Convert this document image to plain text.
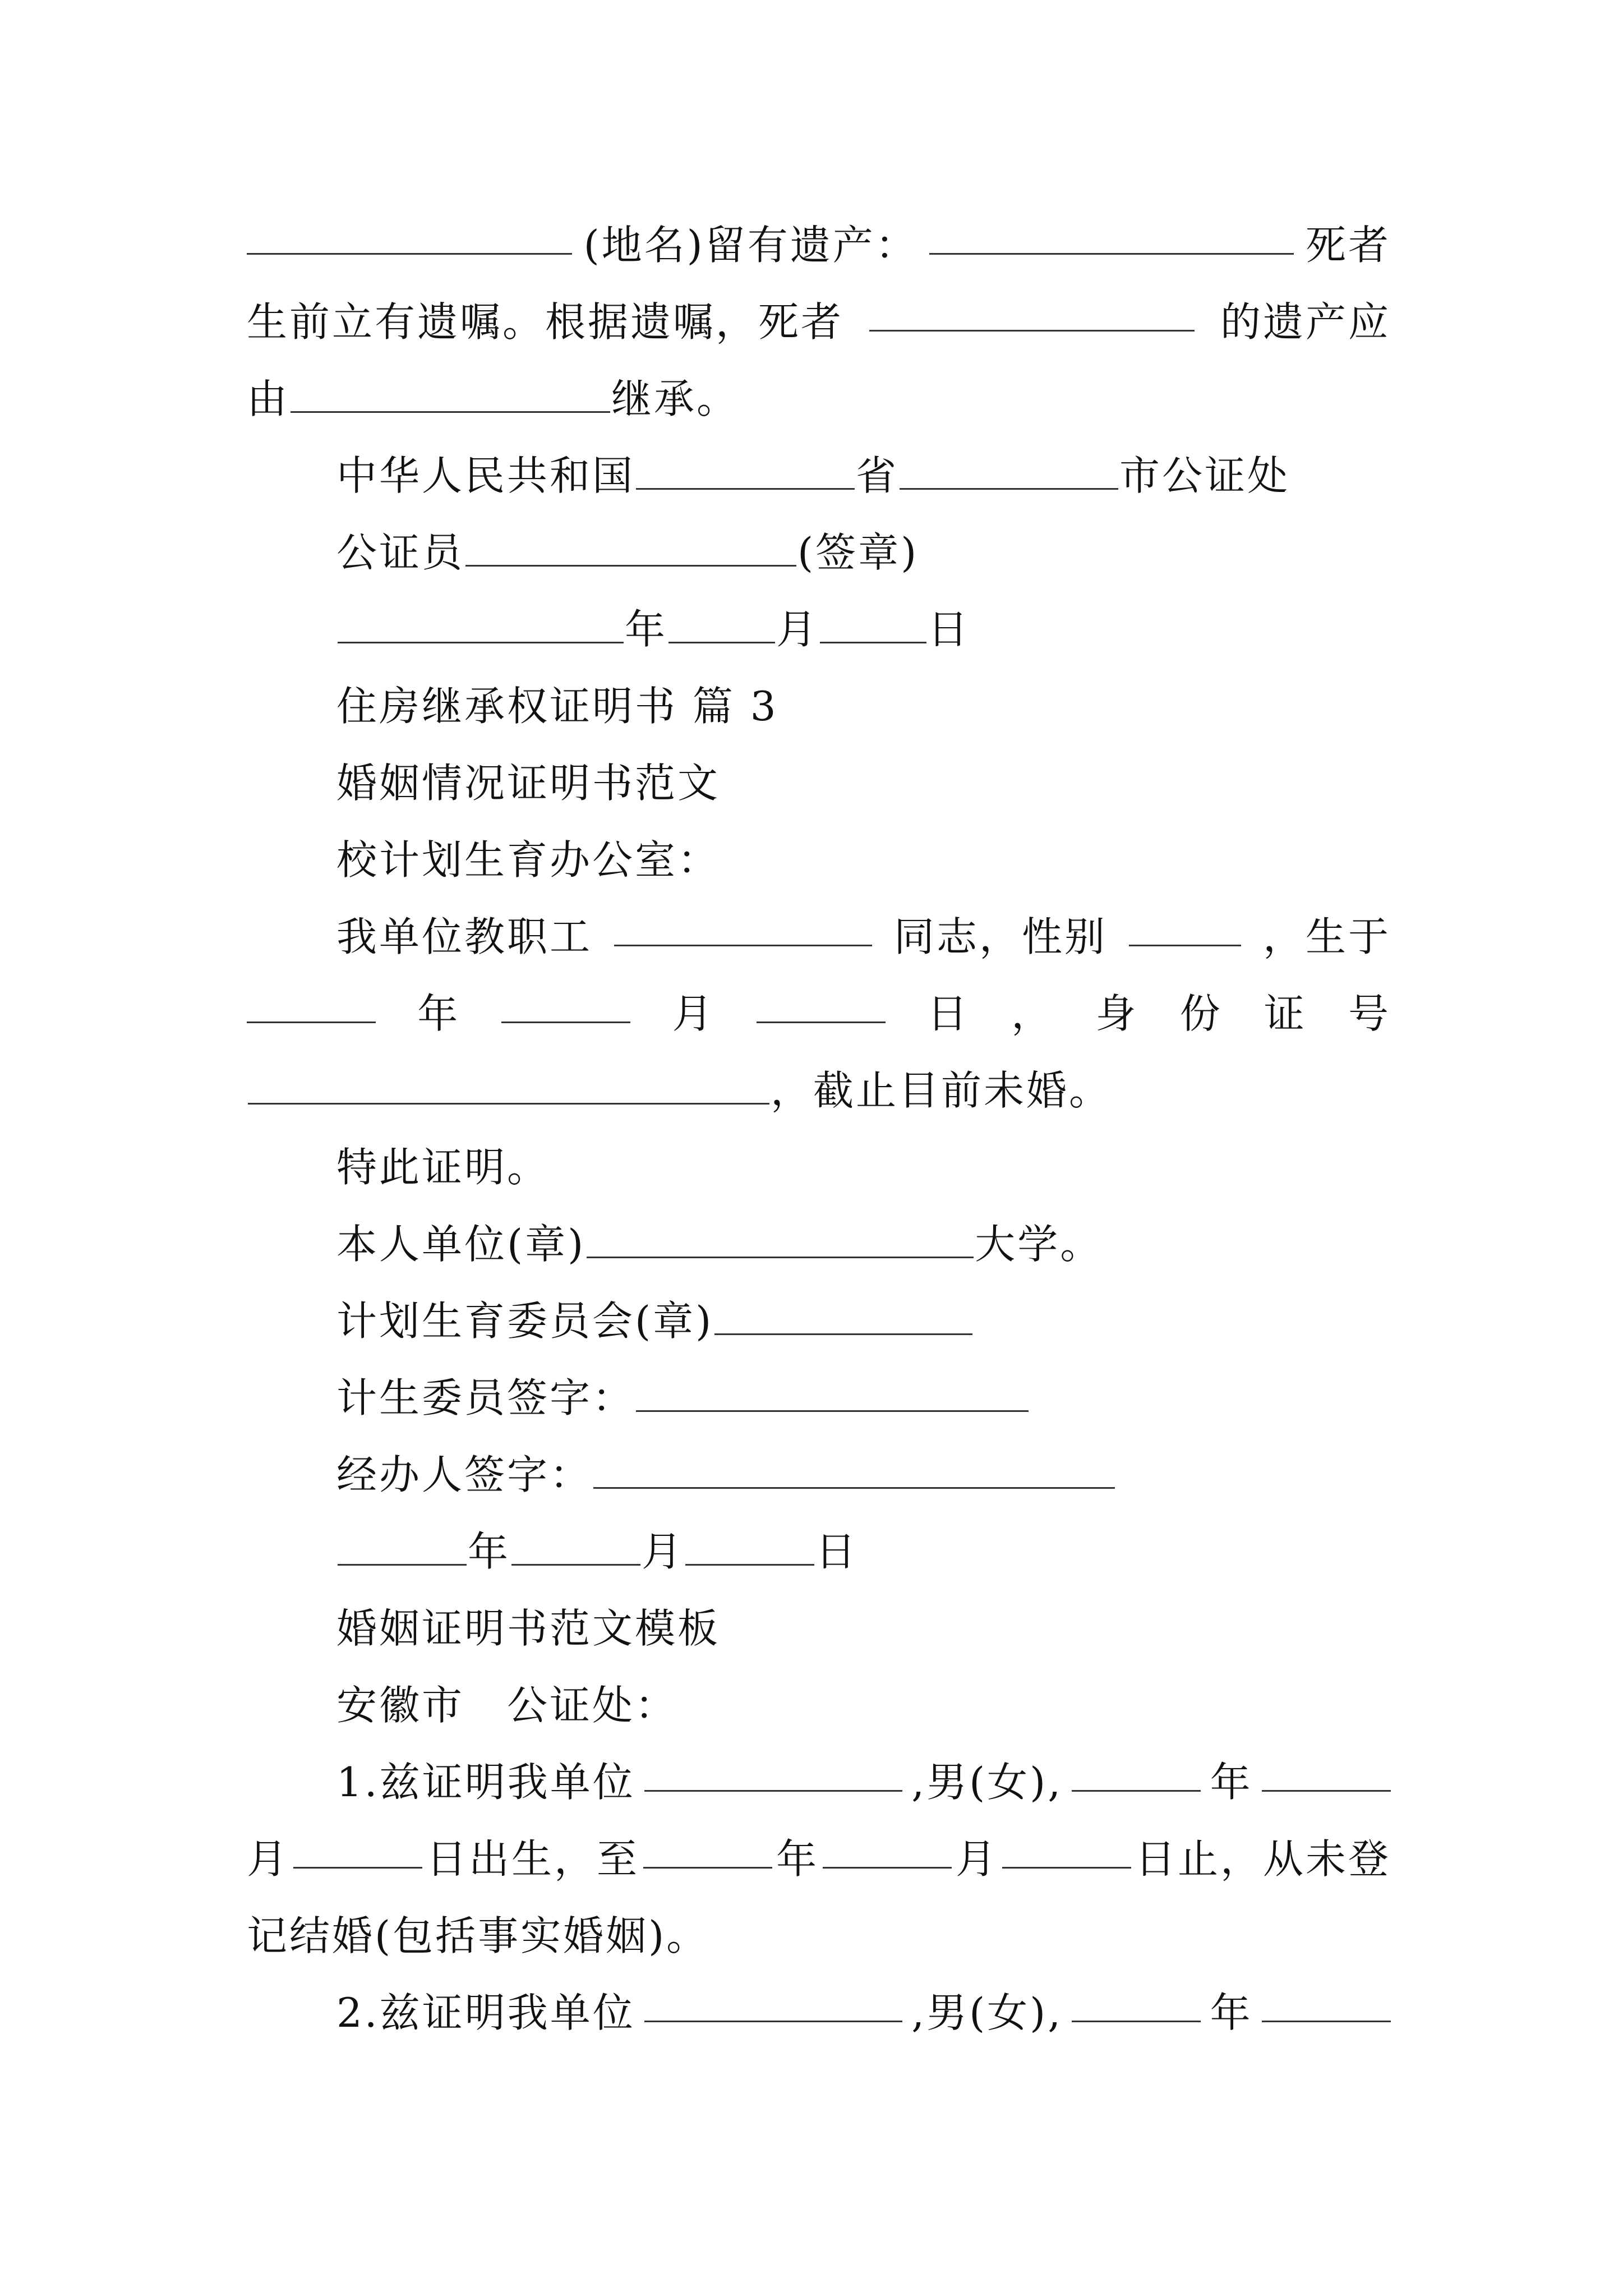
(地名)留有遗产：	死者
生前立有遗嘱。根据遗嘱，死者	的遗产应
由	继承。
中华人民共和国	省	市公证处
公证员	(签章)
年	月	日
住房继承权证明书 篇 3
婚姻情况证明书范文
校计划生育办公室：
我单位教职工	同志，性别	，生于
年	月	日 ， 身 份 证 号
，截止目前未婚。
特此证明。
本人单位(章)	大学。
计划生育委员会(章)
计生委员签字：
经办人签字：
年	月	日
婚姻证明书范文模板
安徽市　公证处：
1.兹证明我单位	,男(女),	年
月	日出生，至	年	月	日止，从未登
记结婚(包括事实婚姻)。
2.兹证明我单位	,男(女),	年
